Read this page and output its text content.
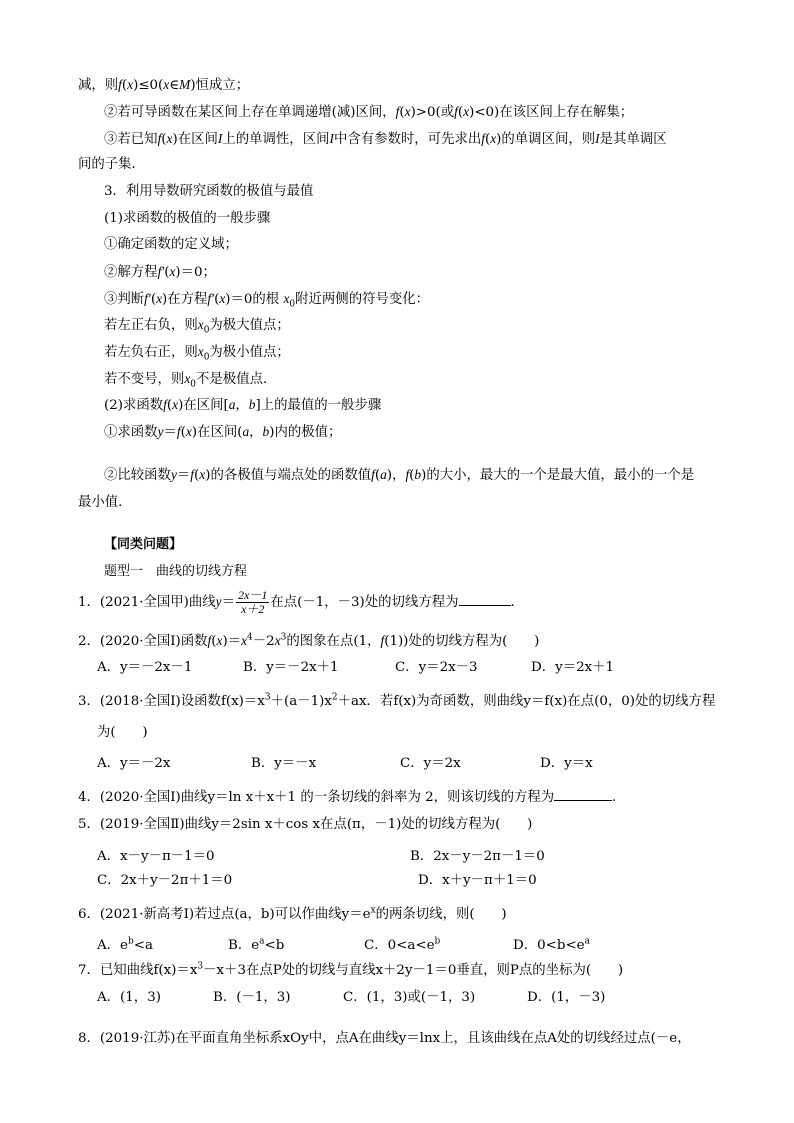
减，则f(x)≤0(x∈M)恒成立；
②若可导函数在某区间上存在单调递增(减)区间，f(x)>0(或f(x)<0)在该区间上存在解集；
③若已知f(x)在区间I上的单调性，区间I中含有参数时，可先求出f(x)的单调区间，则I是其单调区
间的子集．
3．利用导数研究函数的极值与最值
(1)求函数的极值的一般步骤
①确定函数的定义域；
②解方程f′(x)＝0；
③判断f′(x)在方程f′(x)＝0的根 $x_0$附近两侧的符号变化：
若左正右负，则$x_0$为极大值点；
若左负右正，则$x_0$为极小值点；
若不变号，则$x_0$不是极值点．
(2)求函数f(x)在区间[a，b]上的最值的一般步骤
①求函数y＝f(x)在区间(a，b)内的极值；
②比较函数y＝f(x)的各极值与端点处的函数值f(a)，f(b)的大小，最大的一个是最大值，最小的一个是
最小值．
【同类问题】
题型一　曲线的切线方程
1．(2021·全国甲)曲线$y= \frac{2x-1}{x+2}$ 在点(－1，－3)处的切线方程为	．
2．(2020·全国Ⅰ)函数$f(x)=x^4-2x^3$的图象在点(1，f(1))处的切线方程为(　　)
A．y＝－2x－1	B．y＝－2x＋1	C．y＝2x－3	D．y＝2x＋1
3．(2018·全国Ⅰ)设函数$f(x)=x^3+(a-1)x^2+ax$．若f(x)为奇函数，则曲线y＝f(x)在点(0，0)处的切线方程
为(　　)
A．y＝－2x	B．y＝－x	C．y＝2x	D．y＝x
4．(2020·全国Ⅰ)曲线y＝ln x＋x＋1 的一条切线的斜率为 2，则该切线的方程为	．
5．(2019·全国Ⅱ)曲线y＝2sin x＋cos x在点(π，－1)处的切线方程为(　　)
A．x－y－π－1＝0	B．2x－y－2π－1＝0
C．2x＋y－2π＋1＝0	D．x＋y－π＋1＝0
6．(2021·新高考Ⅰ)若过点(a，b)可以作曲线$y=e^x$的两条切线，则(　　)
A．$e^b<a$	B．$e^a<b$	C．$0<a<e^b$	D．$0<b<e^a$
7．已知曲线$f(x)=x^3-x+3$在点P处的切线与直线x＋2y－1＝0垂直，则P点的坐标为(　　)
A．(1，3)	B．(－1，3)	C．(1，3)或(－1，3)	D．(1，－3)
8．(2019·江苏)在平面直角坐标系xOy中，点A在曲线y＝lnx上，且该曲线在点A处的切线经过点(－e，
